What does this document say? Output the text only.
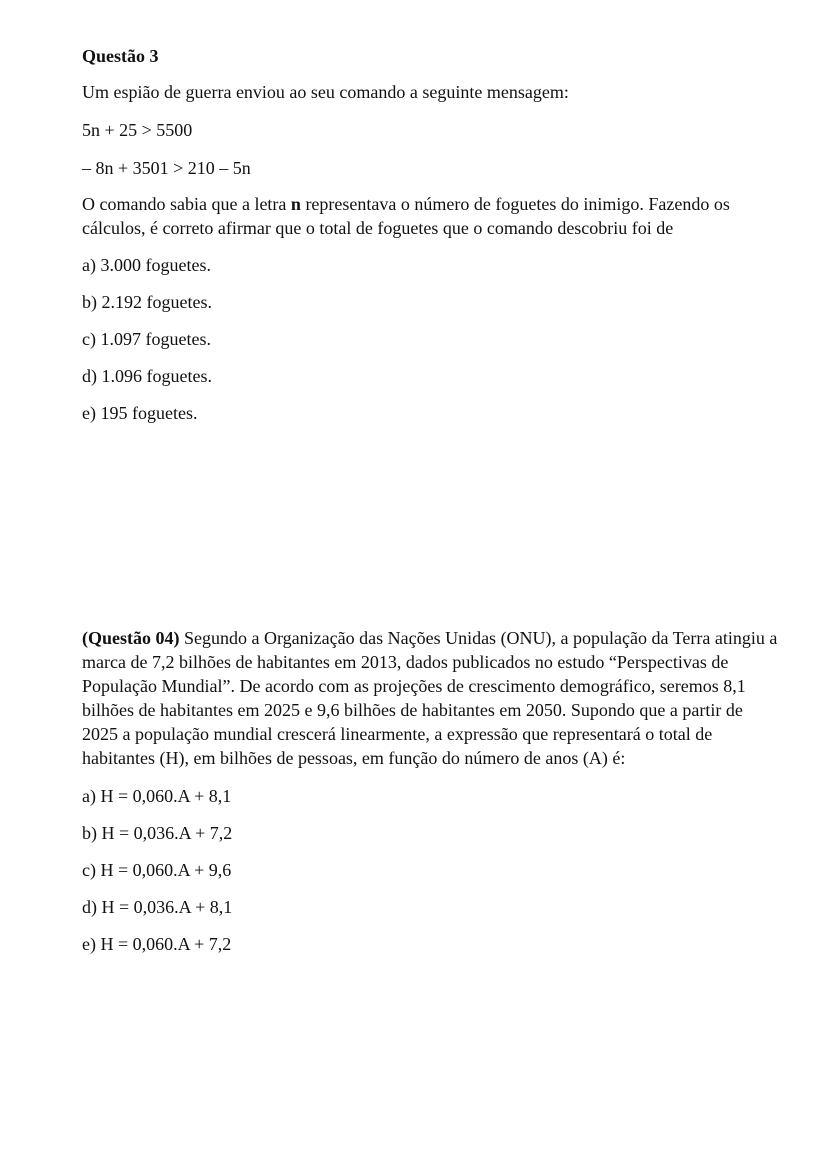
Questão 3

Um espião de guerra enviou ao seu comando a seguinte mensagem:

5n + 25 > 5500

– 8n + 3501 > 210 – 5n

O comando sabia que a letra n representava o número de foguetes do inimigo. Fazendo os cálculos, é correto afirmar que o total de foguetes que o comando descobriu foi de

a) 3.000 foguetes.

b) 2.192 foguetes.

c) 1.097 foguetes.

d) 1.096 foguetes.

e) 195 foguetes.

(Questão 04) Segundo a Organização das Nações Unidas (ONU), a população da Terra atingiu a marca de 7,2 bilhões de habitantes em 2013, dados publicados no estudo “Perspectivas de População Mundial”. De acordo com as projeções de crescimento demográfico, seremos 8,1 bilhões de habitantes em 2025 e 9,6 bilhões de habitantes em 2050. Supondo que a partir de 2025 a população mundial crescerá linearmente, a expressão que representará o total de habitantes (H), em bilhões de pessoas, em função do número de anos (A) é:

a) H = 0,060.A + 8,1

b) H = 0,036.A + 7,2

c) H = 0,060.A + 9,6

d) H = 0,036.A + 8,1

e) H = 0,060.A + 7,2
